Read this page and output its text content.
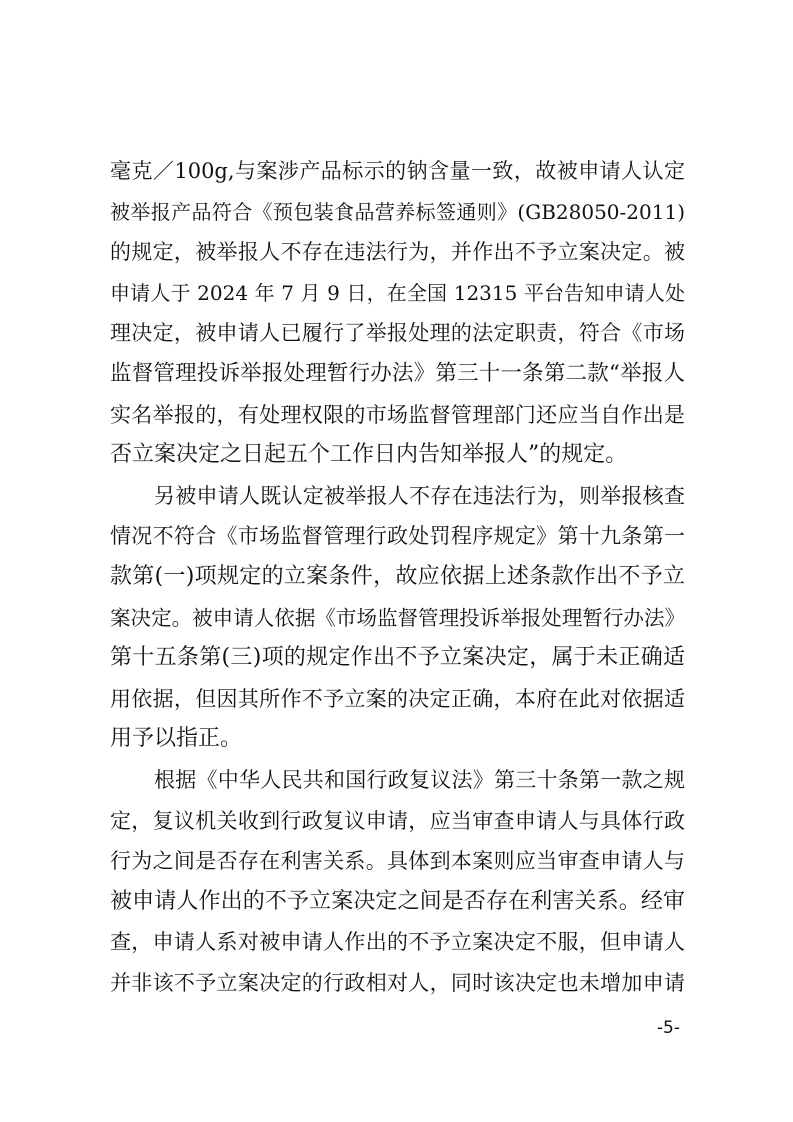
毫克／100g,与案涉产品标示的钠含量一致，故被申请人认定
被举报产品符合《预包装食品营养标签通则》(GB28050-2011)
的规定，被举报人不存在违法行为，并作出不予立案决定。被
申请人于 2024 年 7 月 9 日，在全国 12315 平台告知申请人处
理决定，被申请人已履行了举报处理的法定职责，符合《市场
监督管理投诉举报处理暂行办法》第三十一条第二款“举报人
实名举报的，有处理权限的市场监督管理部门还应当自作出是
否立案决定之日起五个工作日内告知举报人”的规定。
另被申请人既认定被举报人不存在违法行为，则举报核查
情况不符合《市场监督管理行政处罚程序规定》第十九条第一
款第(一)项规定的立案条件，故应依据上述条款作出不予立
案决定。被申请人依据《市场监督管理投诉举报处理暂行办法》
第十五条第(三)项的规定作出不予立案决定，属于未正确适
用依据，但因其所作不予立案的决定正确，本府在此对依据适
用予以指正。
根据《中华人民共和国行政复议法》第三十条第一款之规
定，复议机关收到行政复议申请，应当审查申请人与具体行政
行为之间是否存在利害关系。具体到本案则应当审查申请人与
被申请人作出的不予立案决定之间是否存在利害关系。经审
查，申请人系对被申请人作出的不予立案决定不服，但申请人
并非该不予立案决定的行政相对人，同时该决定也未增加申请
-5-
